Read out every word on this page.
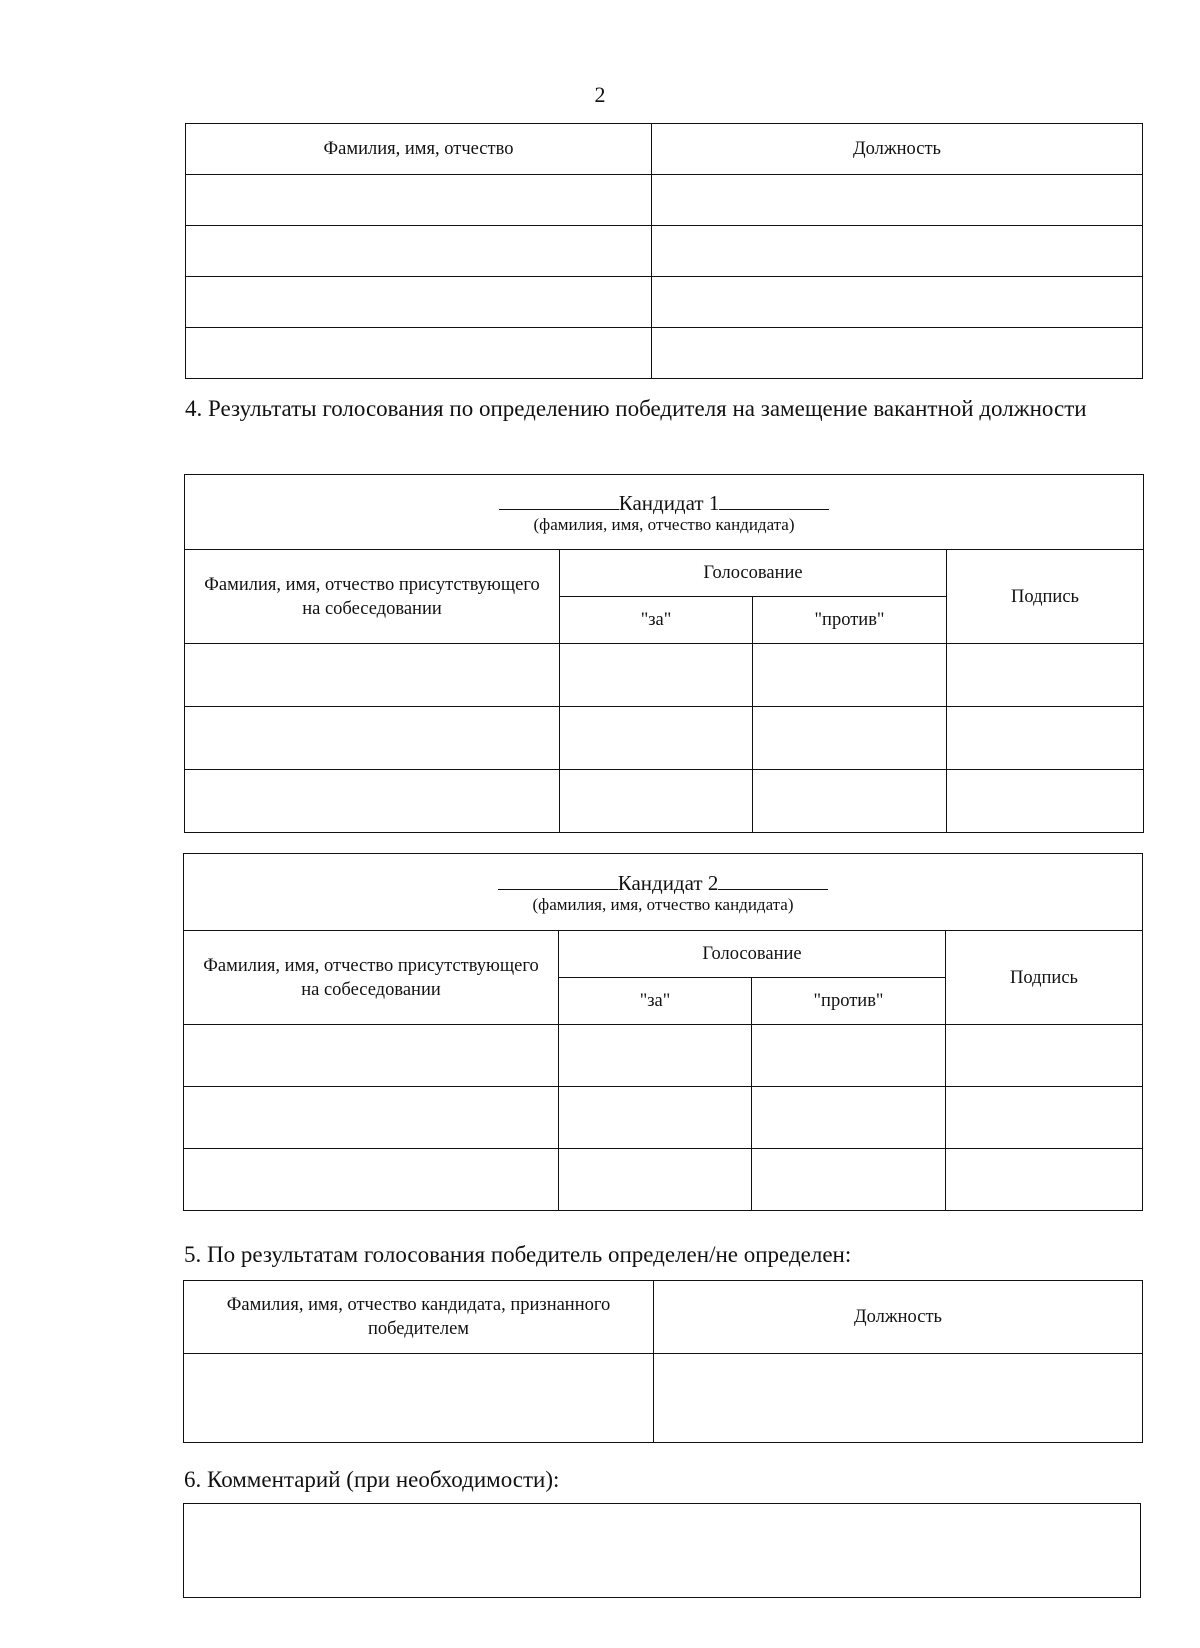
2
Фамилия, имя, отчество	Должность

4. Результаты голосования по определению победителя на замещение вакантной должности
Кандидат 1
(фамилия, имя, отчество кандидата)			

Фамилия, имя, отчество присутствующего на собеседовании	Голосование		Подпись
	"за"	"против"	

Кандидат 2
(фамилия, имя, отчество кандидата)			

Фамилия, имя, отчество присутствующего на собеседовании	Голосование		Подпись
	"за"	"против"	

5. По результатам голосования победитель определен/не определен:
Фамилия, имя, отчество кандидата, признанного победителем	Должность

6. Комментарий (при необходимости):
